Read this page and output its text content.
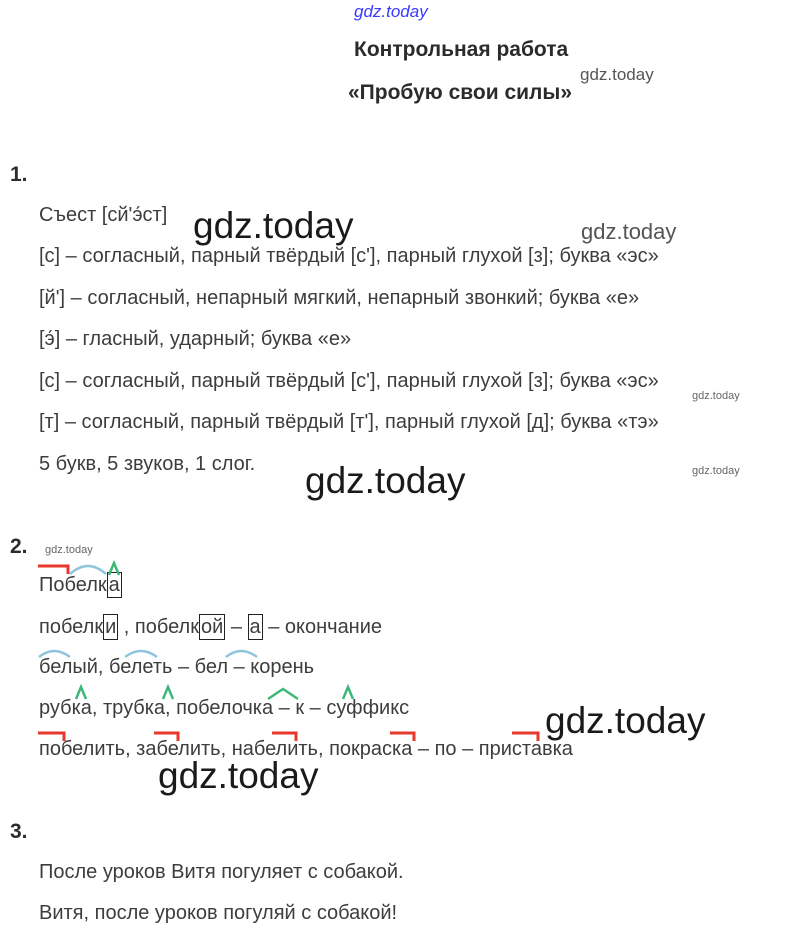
gdz.today
Контрольная работа
«Пробую свои силы»
gdz.today
1.
Съест [сй'э́ст] gdz.today	gdz.today
[с] – согласный, парный твёрдый [с'], парный глухой [з]; буква «эс»
[й'] – согласный, непарный мягкий, непарный звонкий; буква «е»
[э́] – гласный, ударный; буква «е»
[с] – согласный, парный твёрдый [с'], парный глухой [з]; буква «эс»
gdz.today
[т] – согласный, парный твёрдый [т'], парный глухой [д]; буква «тэ»
5 букв, 5 звуков, 1 слог.	gdz.today
gdz.today
2. gdz.today
Побелк а
побелк и , побелк ой – а – окончание
белый, белеть – бел – корень
рубка, трубка, побелочка – к – суффикс	gdz.today
побелить, забелить, набелить, покраска – по – приставка
gdz.today
3.
После уроков Витя погуляет с собакой.
Витя, после уроков погуляй с собакой!
